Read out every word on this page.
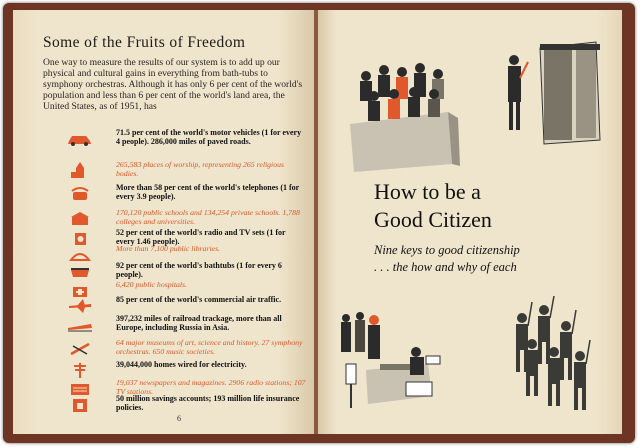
Some of the Fruits of Freedom
One way to measure the results of our system is to add up our physical and cultural gains in everything from bath-tubs to symphony orchestras. Although it has only 6 per cent of the world's population and less than 6 per cent of the world's land area, the United States, as of 1951, has
71.5 per cent of the world's motor vehicles (1 for every 4 people). 286,000 miles of paved roads.
265,583 places of worship, representing 265 religious bodies.
More than 58 per cent of the world's telephones (1 for every 3.9 people).
170,120 public schools and 134,254 private schools. 1,788 colleges and universities.
52 per cent of the world's radio and TV sets (1 for every 1.46 people).
More than 7,100 public libraries.
92 per cent of the world's bathtubs (1 for every 6 people).
6,420 public hospitals.
85 per cent of the world's commercial air traffic.
397,232 miles of railroad trackage, more than all Europe, including Russia in Asia.
64 major museums of art, science and history. 27 symphony orchestras. 650 music societies.
39,044,000 homes wired for electricity.
19,037 newspapers and magazines. 2906 radio stations; 107 TV stations.
50 million savings accounts; 193 million life insurance policies.
6
How to be a
Good Citizen
Nine keys to good citizenship
. . . the how and why of each
